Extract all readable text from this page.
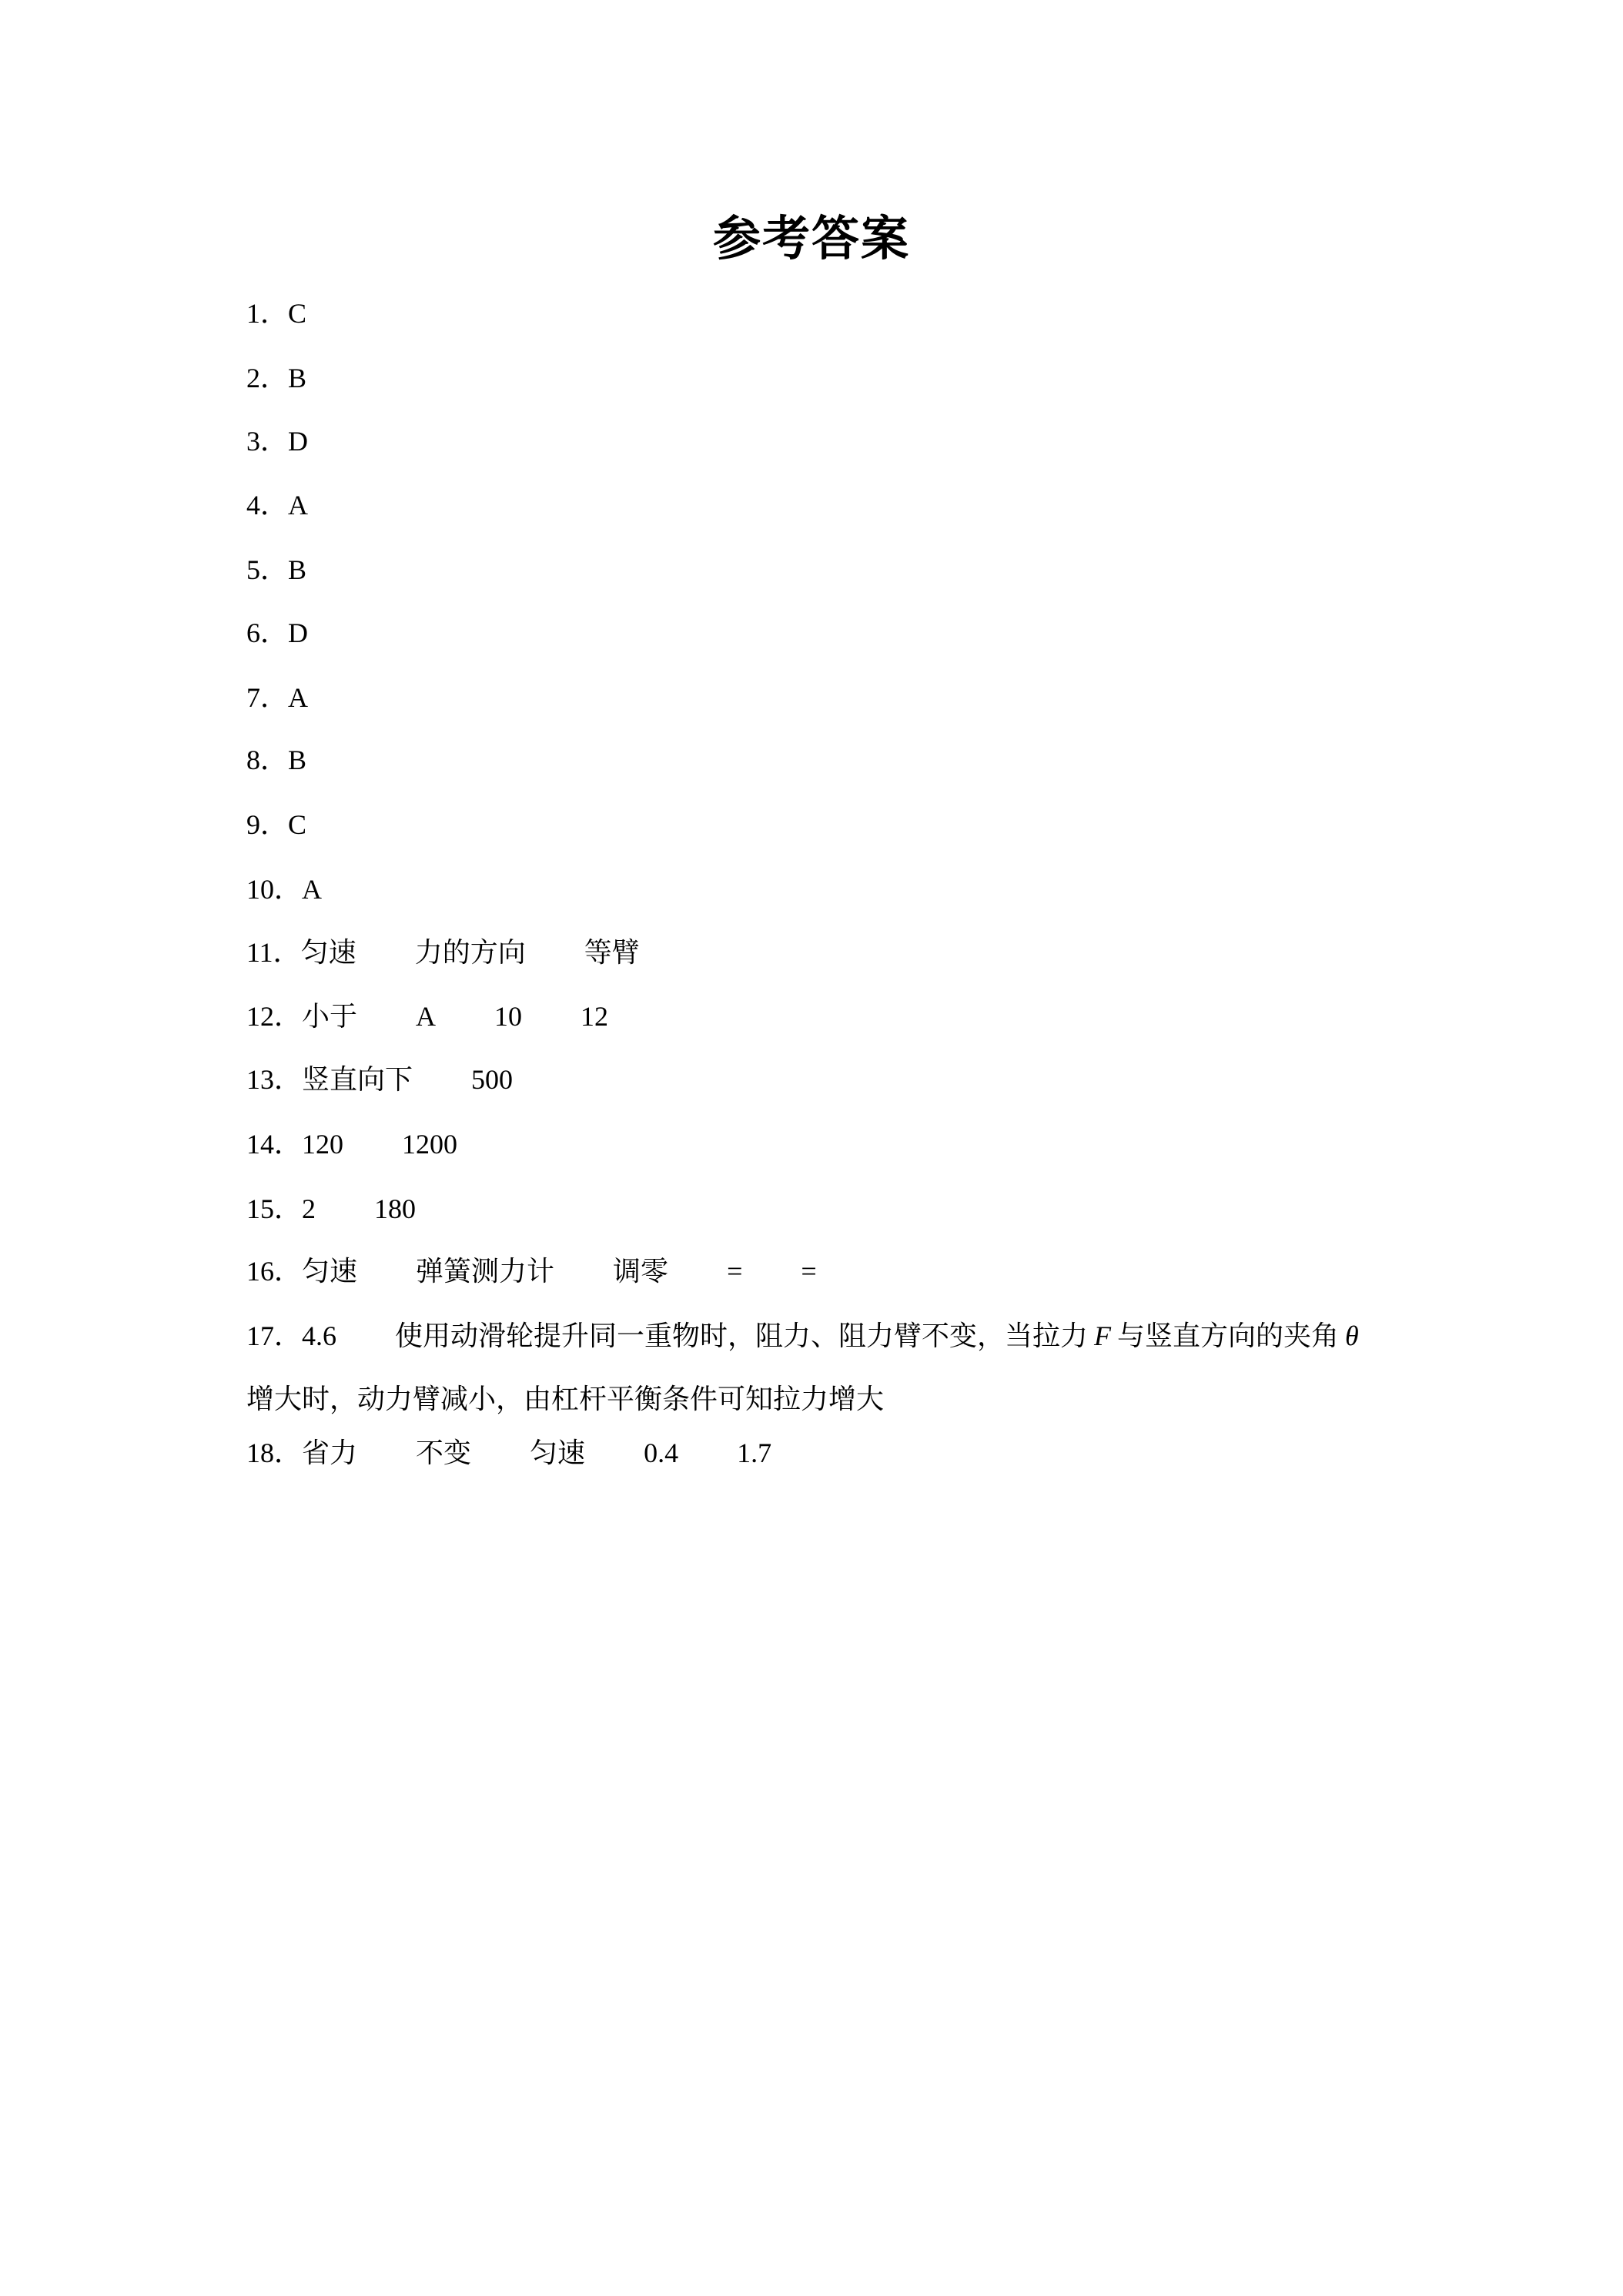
参考答案
1．C
2．B
3．D
4．A
5．B
6．D
7．A
8．B
9．C
10．A
11．匀速 力的方向 等臂
12．小于 A 10 12
13．竖直向下 500
14．120 1200
15．2 180
16．匀速 弹簧测力计 调零 = =
17．4.6 使用动滑轮提升同一重物时，阻力、阻力臂不变，当拉力 F 与竖直方向的夹角 θ
增大时，动力臂减小，由杠杆平衡条件可知拉力增大
18．省力 不变 匀速 0.4 1.7
